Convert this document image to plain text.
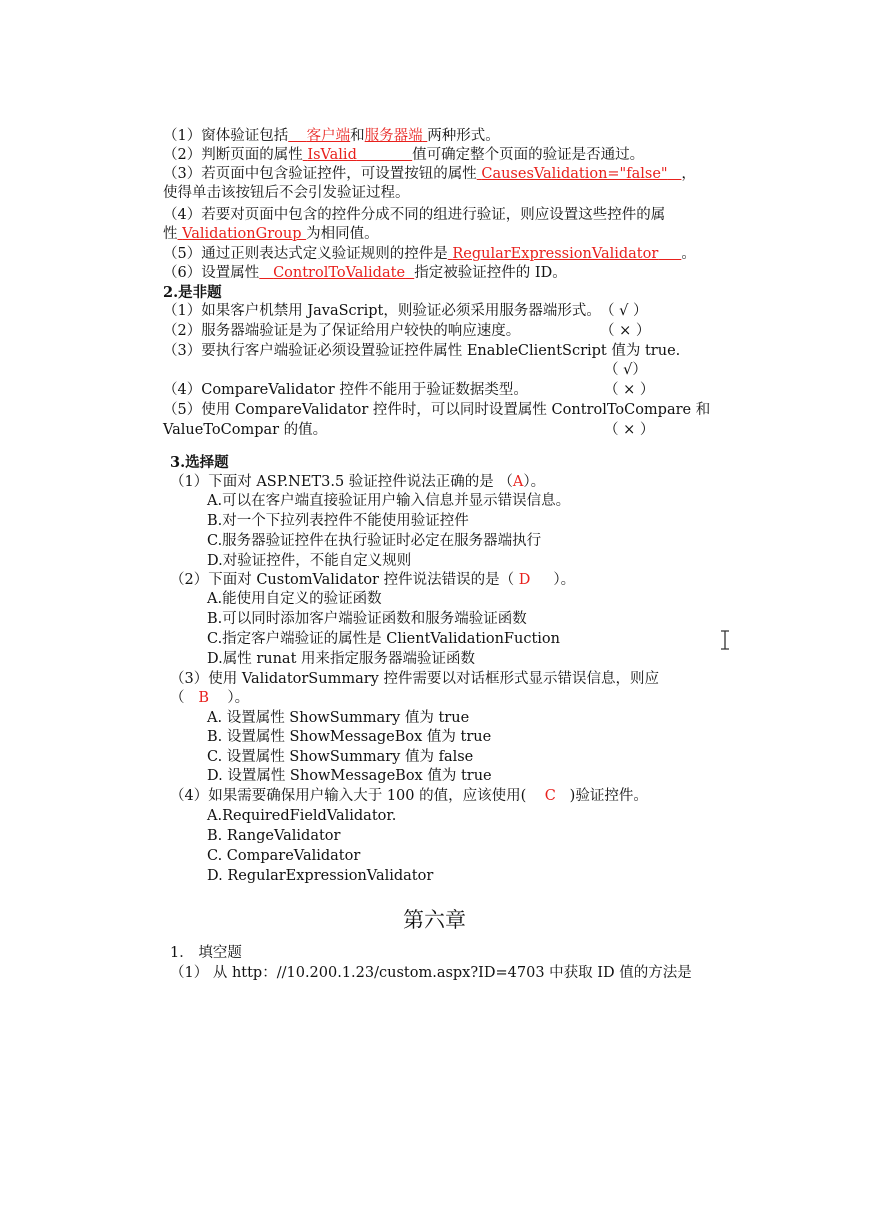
（1）窗体验证包括 客户端和服务器端 两种形式。
（2）判断页面的属性 IsValid	值可确定整个页面的验证是否通过。
（3）若页面中包含验证控件，可设置按钮的属性 CausesValidation="false" ，
使得单击该按钮后不会引发验证过程。
（4）若要对页面中包含的控件分成不同的组进行验证，则应设置这些控件的属
性 ValidationGroup 为相同值。
（5）通过正则表达式定义验证规则的控件是 RegularExpressionValidator 。
（6）设置属性 ControlToValidate 指定被验证控件的 ID。
2.是非题
（1）如果客户机禁用 JavaScript，则验证必须采用服务器端形式。 （ √ ）
（2）服务器端验证是为了保证给用户较快的响应速度。	（ × ）
（3）要执行客户端验证必须设置验证控件属性 EnableClientScript 值为 true.
（ √）
（4）CompareValidator 控件不能用于验证数据类型。	（ × ）
（5）使用 CompareValidator 控件时，可以同时设置属性 ControlToCompare 和
ValueToCompar 的值。	（ × ）
3.选择题
（1）下面对 ASP.NET3.5 验证控件说法正确的是 （A）。
A.可以在客户端直接验证用户输入信息并显示错误信息。
B.对一个下拉列表控件不能使用验证控件
C.服务器验证控件在执行验证时必定在服务器端执行
D.对验证控件，不能自定义规则
（2）下面对 CustomValidator 控件说法错误的是（ D ）。
A.能使用自定义的验证函数
B.可以同时添加客户端验证函数和服务端验证函数
C.指定客户端验证的属性是 ClientValidationFuction
D.属性 runat 用来指定服务器端验证函数
（3）使用 ValidatorSummary 控件需要以对话框形式显示错误信息，则应
（ B ）。
A. 设置属性 ShowSummary 值为 true
B. 设置属性 ShowMessageBox 值为 true
C. 设置属性 ShowSummary 值为 false
D. 设置属性 ShowMessageBox 值为 true
（4）如果需要确保用户输入大于 100 的值，应该使用( C )验证控件。
A.RequiredFieldValidator.
B. RangeValidator
C. CompareValidator
D. RegularExpressionValidator
第六章
1． 填空题
（1） 从 http：//10.200.1.23/custom.aspx?ID=4703 中获取 ID 值的方法是
